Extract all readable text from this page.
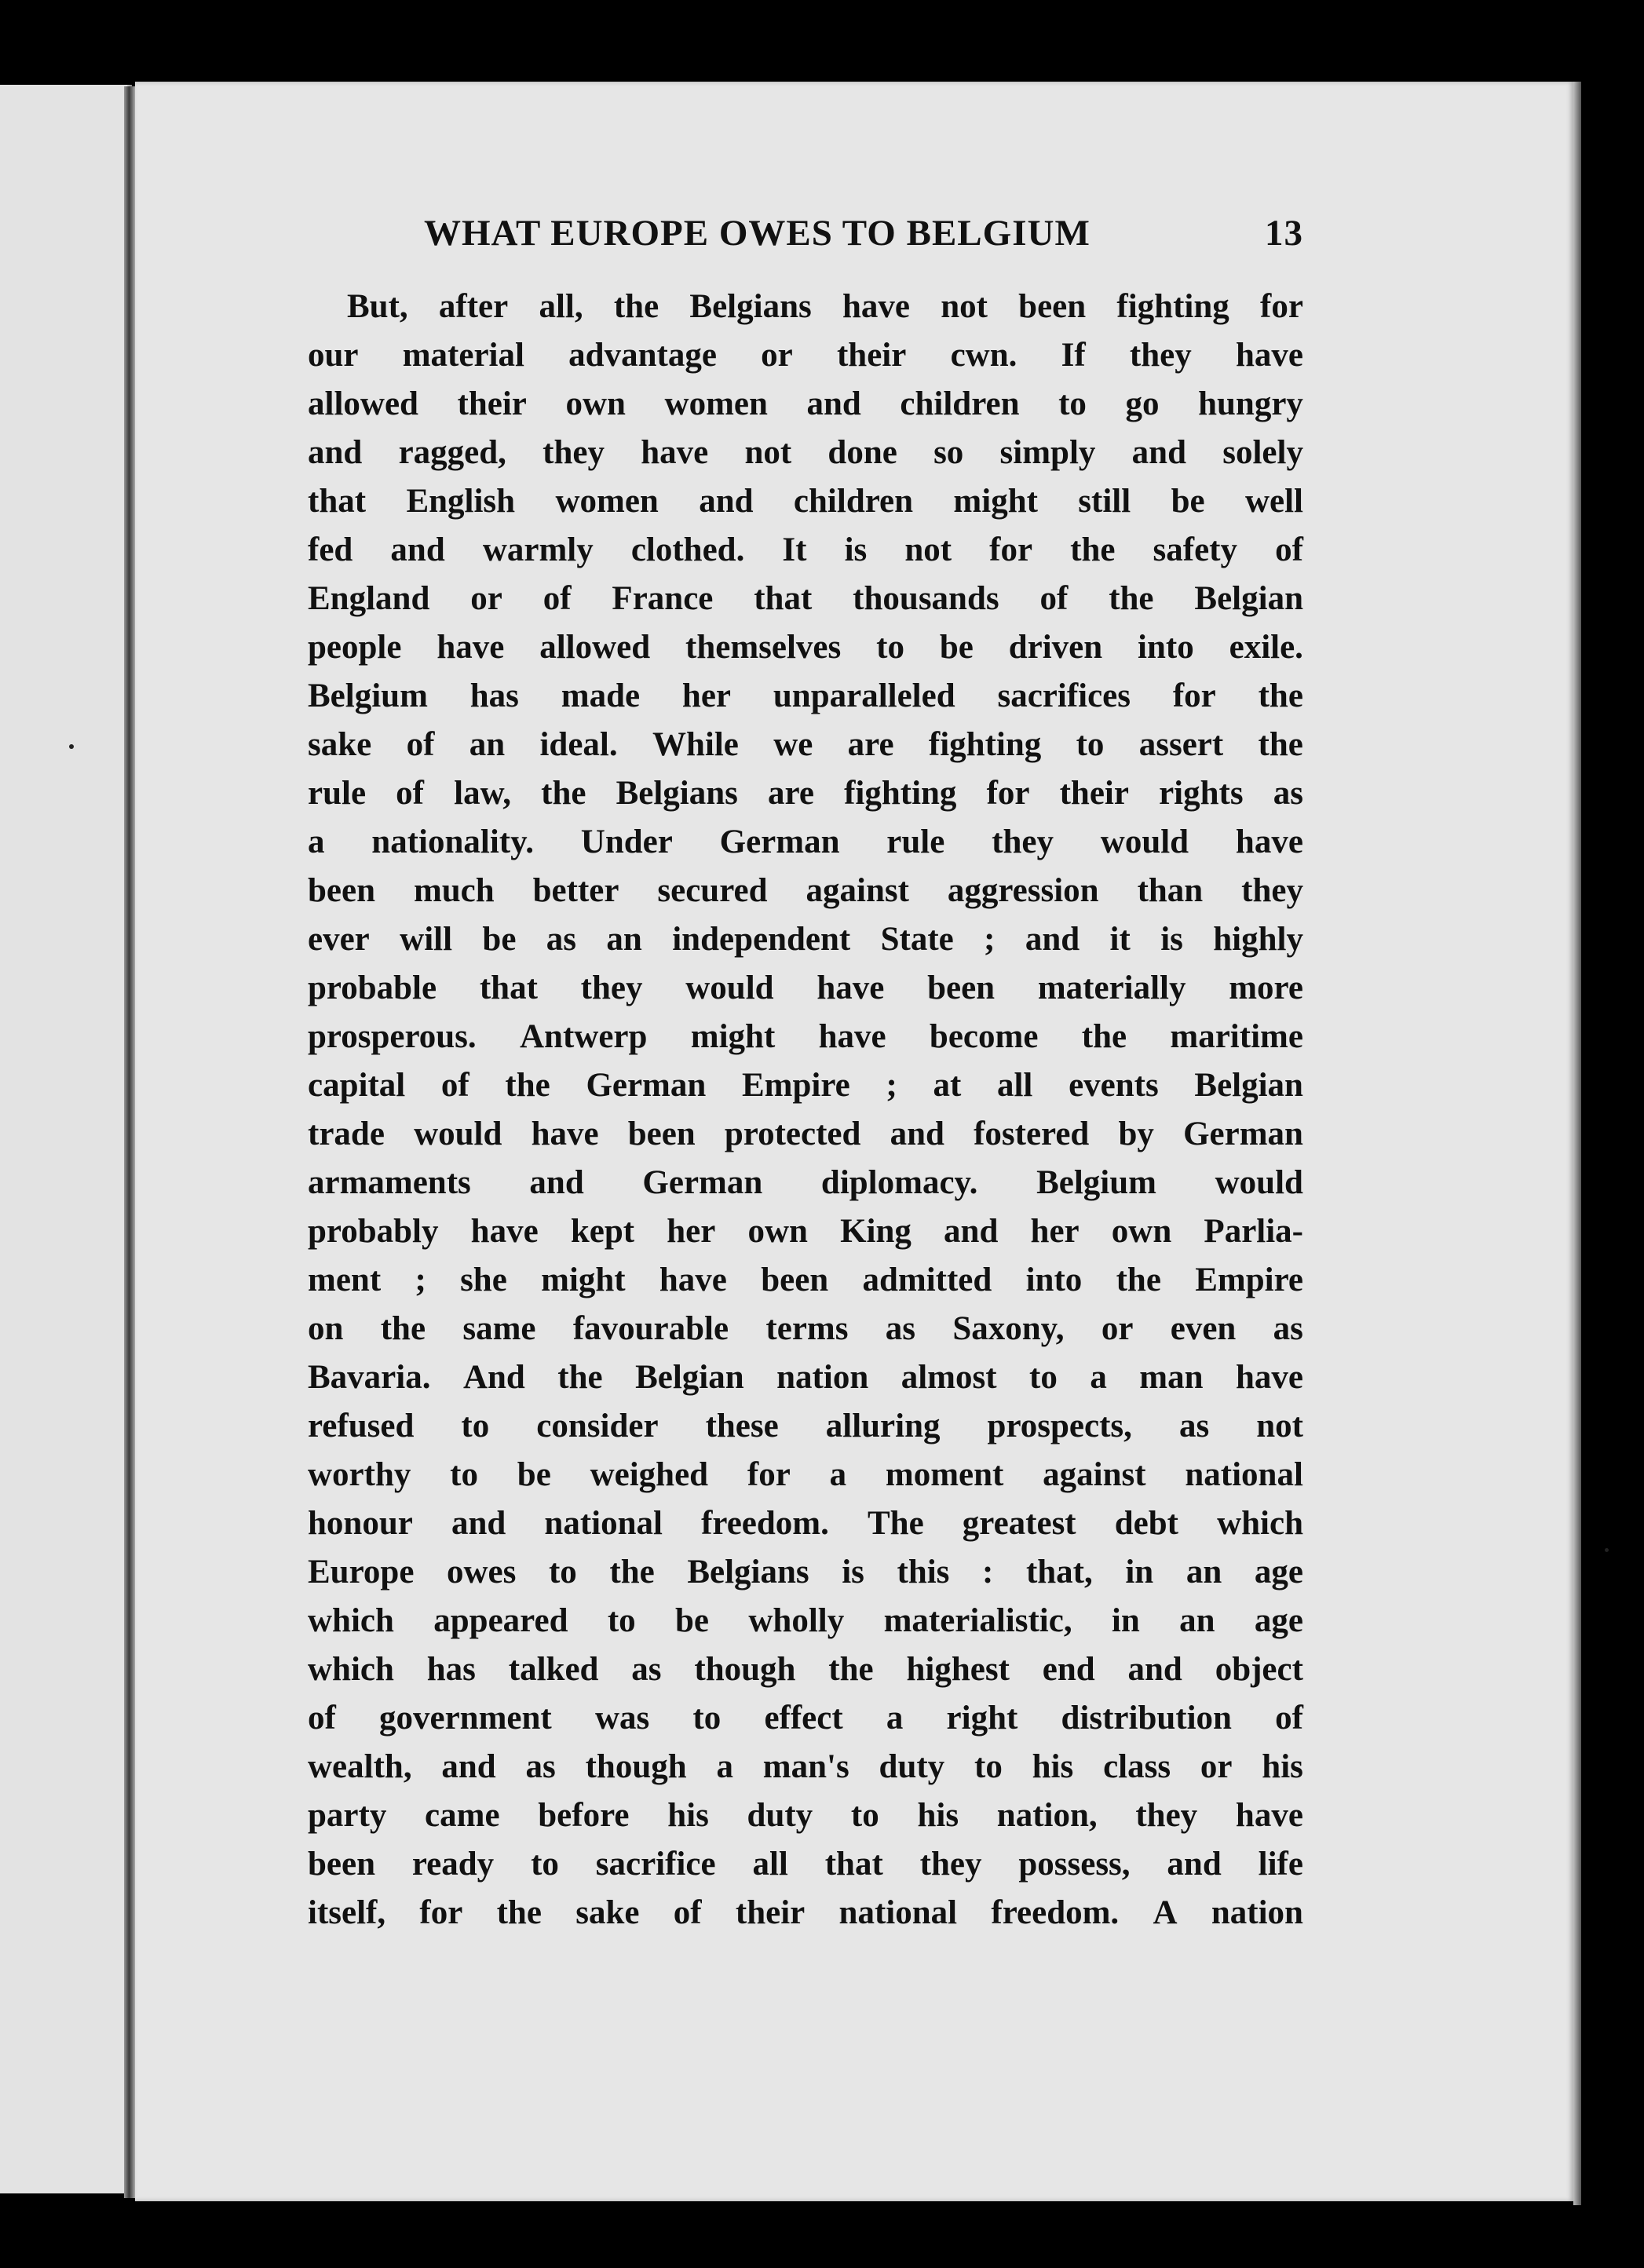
WHAT EUROPE OWES TO BELGIUM	13
But, after all, the Belgians have not been fighting for
our material advantage or their cwn. If they have
allowed their own women and children to go hungry
and ragged, they have not done so simply and solely
that English women and children might still be well
fed and warmly clothed. It is not for the safety of
England or of France that thousands of the Belgian
people have allowed themselves to be driven into exile.
Belgium has made her unparalleled sacrifices for the
sake of an ideal. While we are fighting to assert the
rule of law, the Belgians are fighting for their rights as
a nationality. Under German rule they would have
been much better secured against aggression than they
ever will be as an independent State ; and it is highly
probable that they would have been materially more
prosperous. Antwerp might have become the maritime
capital of the German Empire ; at all events Belgian
trade would have been protected and fostered by German
armaments and German diplomacy. Belgium would
probably have kept her own King and her own Parlia-
ment ; she might have been admitted into the Empire
on the same favourable terms as Saxony, or even as
Bavaria. And the Belgian nation almost to a man have
refused to consider these alluring prospects, as not
worthy to be weighed for a moment against national
honour and national freedom. The greatest debt which
Europe owes to the Belgians is this : that, in an age
which appeared to be wholly materialistic, in an age
which has talked as though the highest end and object
of government was to effect a right distribution of
wealth, and as though a man's duty to his class or his
party came before his duty to his nation, they have
been ready to sacrifice all that they possess, and life
itself, for the sake of their national freedom. A nation
